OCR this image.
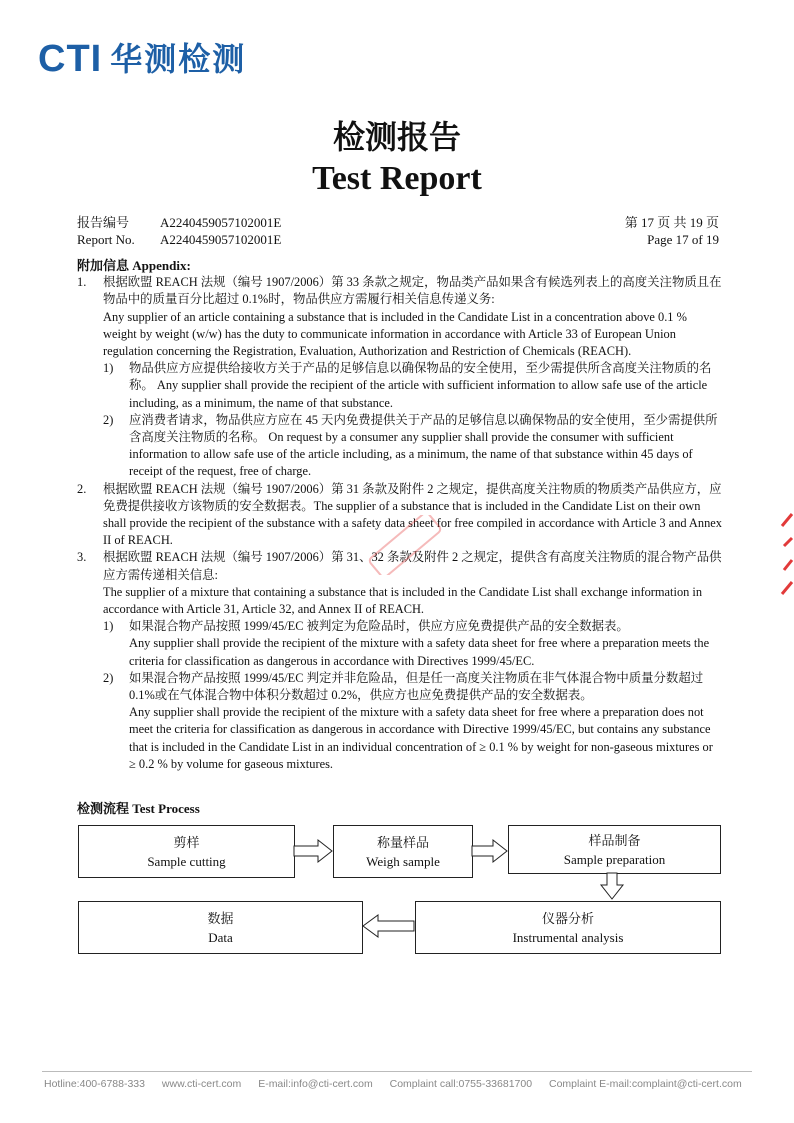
CTI 华测检测
检测报告
Test Report
报告编号 A2240459057102001E	第 17 页 共 19 页
Report No. A2240459057102001E	Page 17 of 19

附加信息 Appendix:

1. 根据欧盟 REACH 法规（编号 1907/2006）第 33 条款之规定，物品类产品如果含有候选列表上的高度关注物质且在物品中的质量百分比超过 0.1%时，物品供应方需履行相关信息传递义务:

Any supplier of an article containing a substance that is included in the Candidate List in a concentration above 0.1 % weight by weight (w/w) has the duty to communicate information in accordance with Article 33 of European Union regulation concerning the Registration, Evaluation, Authorization and Restriction of Chemicals (REACH).

1) 物品供应方应提供给接收方关于产品的足够信息以确保物品的安全使用，至少需提供所含高度关注物质的名称。 Any supplier shall provide the recipient of the article with sufficient information to allow safe use of the article including, as a minimum, the name of that substance.

2) 应消费者请求，物品供应方应在 45 天内免费提供关于产品的足够信息以确保物品的安全使用，至少需提供所含高度关注物质的名称。 On request by a consumer any supplier shall provide the consumer with sufficient information to allow safe use of the article including, as a minimum, the name of that substance within 45 days of receipt of the request, free of charge.

2. 根据欧盟 REACH 法规（编号 1907/2006）第 31 条款及附件 2 之规定，提供高度关注物质的物质类产品供应方，应免费提供接收方该物质的安全数据表。The supplier of a substance that is included in the Candidate List on their own shall provide the recipient of the substance with a safety data sheet for free compiled in accordance with Article 3 and Annex II of REACH.

3. 根据欧盟 REACH 法规（编号 1907/2006）第 31、32 条款及附件 2 之规定，提供含有高度关注物质的混合物产品供应方需传递相关信息:

The supplier of a mixture that containing a substance that is included in the Candidate List shall exchange information in accordance with Article 31, Article 32, and Annex II of REACH.

1) 如果混合物产品按照 1999/45/EC 被判定为危险品时，供应方应免费提供产品的安全数据表。

Any supplier shall provide the recipient of the mixture with a safety data sheet for free where a preparation meets the criteria for classification as dangerous in accordance with Directives 1999/45/EC.

2) 如果混合物产品按照 1999/45/EC 判定并非危险品，但是任一高度关注物质在非气体混合物中质量分数超过 0.1%或在气体混合物中体积分数超过 0.2%，供应方也应免费提供产品的安全数据表。

Any supplier shall provide the recipient of the mixture with a safety data sheet for free where a preparation does not meet the criteria for classification as dangerous in accordance with Directive 1999/45/EC, but contains any substance that is included in the Candidate List in an individual concentration of ≥ 0.1 % by weight for non-gaseous mixtures or ≥ 0.2 % by volume for gaseous mixtures.

检测流程 Test Process
剪样
Sample cutting
称量样品
Weigh sample
样品制备
Sample preparation
仪器分析
Instrumental analysis
数据
Data
Hotline:400-6788-333 www.cti-cert.com E-mail:info@cti-cert.com Complaint call:0755-33681700 Complaint E-mail:complaint@cti-cert.com
